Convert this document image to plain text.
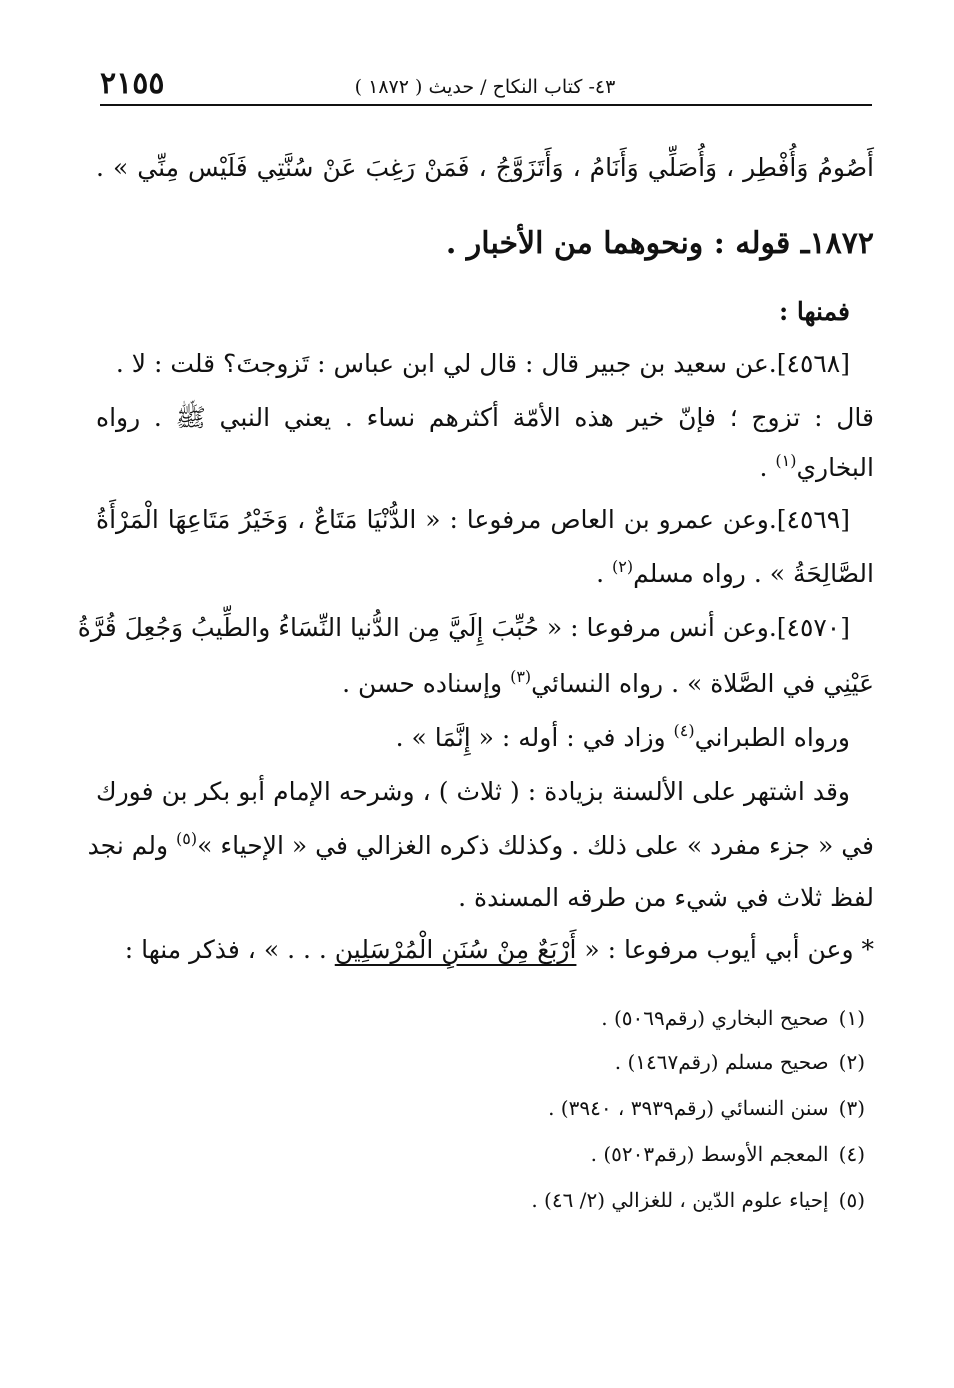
٢١٥٥	٤٣- كتاب النكاح / حديث ( ١٨٧٢ )
أَصُومُ وَأُفْطِر ، وَأُصَلِّي وَأَنَامُ ، وَأَتَزَوَّجُ ، فَمَنْ رَغِبَ عَنْ سُنَّتِي فَلَيْس مِنِّي » .
١٨٧٢ـ قوله : ونحوهما من الأخبار .
فمنها :
[٤٥٦٨].عن سعيد بن جبير قال : قال لي ابن عباس : تَزوجتَ؟ قلت : لا .
قال : تزوج ؛ فإنّ خير هذه الأمّة أكثرهم نساء . يعني النبي ﷺ . رواه
البخاري$^{(١)}$ .
[٤٥٦٩].وعن عمرو بن العاص مرفوعا : « الدُّنْيَا مَتَاعٌ ، وَخَيْرُ مَتَاعِهَا الْمَرْأَةُ
الصَّالِحَةُ » . رواه مسلم$^{(٢)}$ .
[٤٥٧٠].وعن أنس مرفوعا : « حُبِّبَ إِلَيَّ مِن الدُّنيا النِّسَاءُ والطِّيبُ وَجُعِلَ قُرَّةُ
عَيْنِي في الصَّلاة » . رواه النسائي$^{(٣)}$ وإسناده حسن .
ورواه الطبراني$^{(٤)}$ وزاد في : أوله : « إِنَّمَا » .
وقد اشتهر على الألسنة بزيادة : ( ثلاث ) ، وشرحه الإمام أبو بكر بن فورك
في « جزء مفرد » على ذلك . وكذلك ذكره الغزالي في « الإحياء »$^{(٥)}$ ولم نجد
لفظ ثلاث في شيء من طرقه المسندة .
* وعن أبي أيوب مرفوعا : « أَرْبَعٌ مِنْ سُنَنِ الْمُرْسَلِين . . . » ، فذكر منها :
(١)صحيح البخاري (رقم٥٠٦٩) .
(٢)صحيح مسلم (رقم١٤٦٧) .
(٣)سنن النسائي (رقم٣٩٣٩ ، ٣٩٤٠) .
(٤)المعجم الأوسط (رقم٥٢٠٣) .
(٥)إحياء علوم الدّين ، للغزالي (٢/ ٤٦) .
